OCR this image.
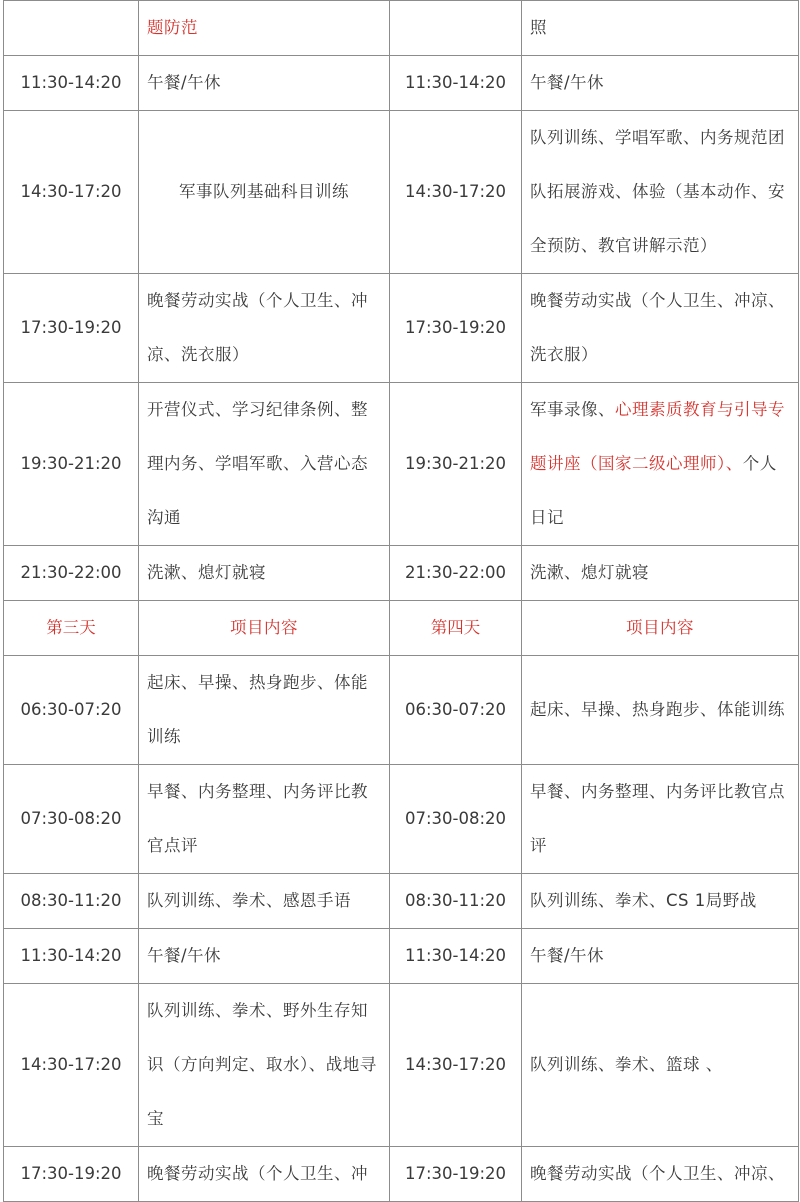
	题防范		照
11:30-14:20	午餐/午休	11:30-14:20	午餐/午休
14:30-17:20	军事队列基础科目训练	14:30-17:20	队列训练、学唱军歌、内务规范团队拓展游戏、体验（基本动作、安全预防、教官讲解示范）
17:30-19:20	晚餐劳动实战（个人卫生、冲凉、洗衣服）	17:30-19:20	晚餐劳动实战（个人卫生、冲凉、洗衣服）
19:30-21:20	开营仪式、学习纪律条例、整理内务、学唱军歌、入营心态沟通	19:30-21:20	军事录像、心理素质教育与引导专题讲座（国家二级心理师）、个人日记
21:30-22:00	洗漱、熄灯就寝	21:30-22:00	洗漱、熄灯就寝
第三天	项目内容	第四天	项目内容
06:30-07:20	起床、早操、热身跑步、体能训练	06:30-07:20	起床、早操、热身跑步、体能训练
07:30-08:20	早餐、内务整理、内务评比教官点评	07:30-08:20	早餐、内务整理、内务评比教官点评
08:30-11:20	队列训练、拳术、感恩手语	08:30-11:20	队列训练、拳术、CS 1局野战
11:30-14:20	午餐/午休	11:30-14:20	午餐/午休
14:30-17:20	队列训练、拳术、野外生存知识（方向判定、取水）、战地寻宝	14:30-17:20	队列训练、拳术、篮球 、
17:30-19:20	晚餐劳动实战（个人卫生、冲	17:30-19:20	晚餐劳动实战（个人卫生、冲凉、
